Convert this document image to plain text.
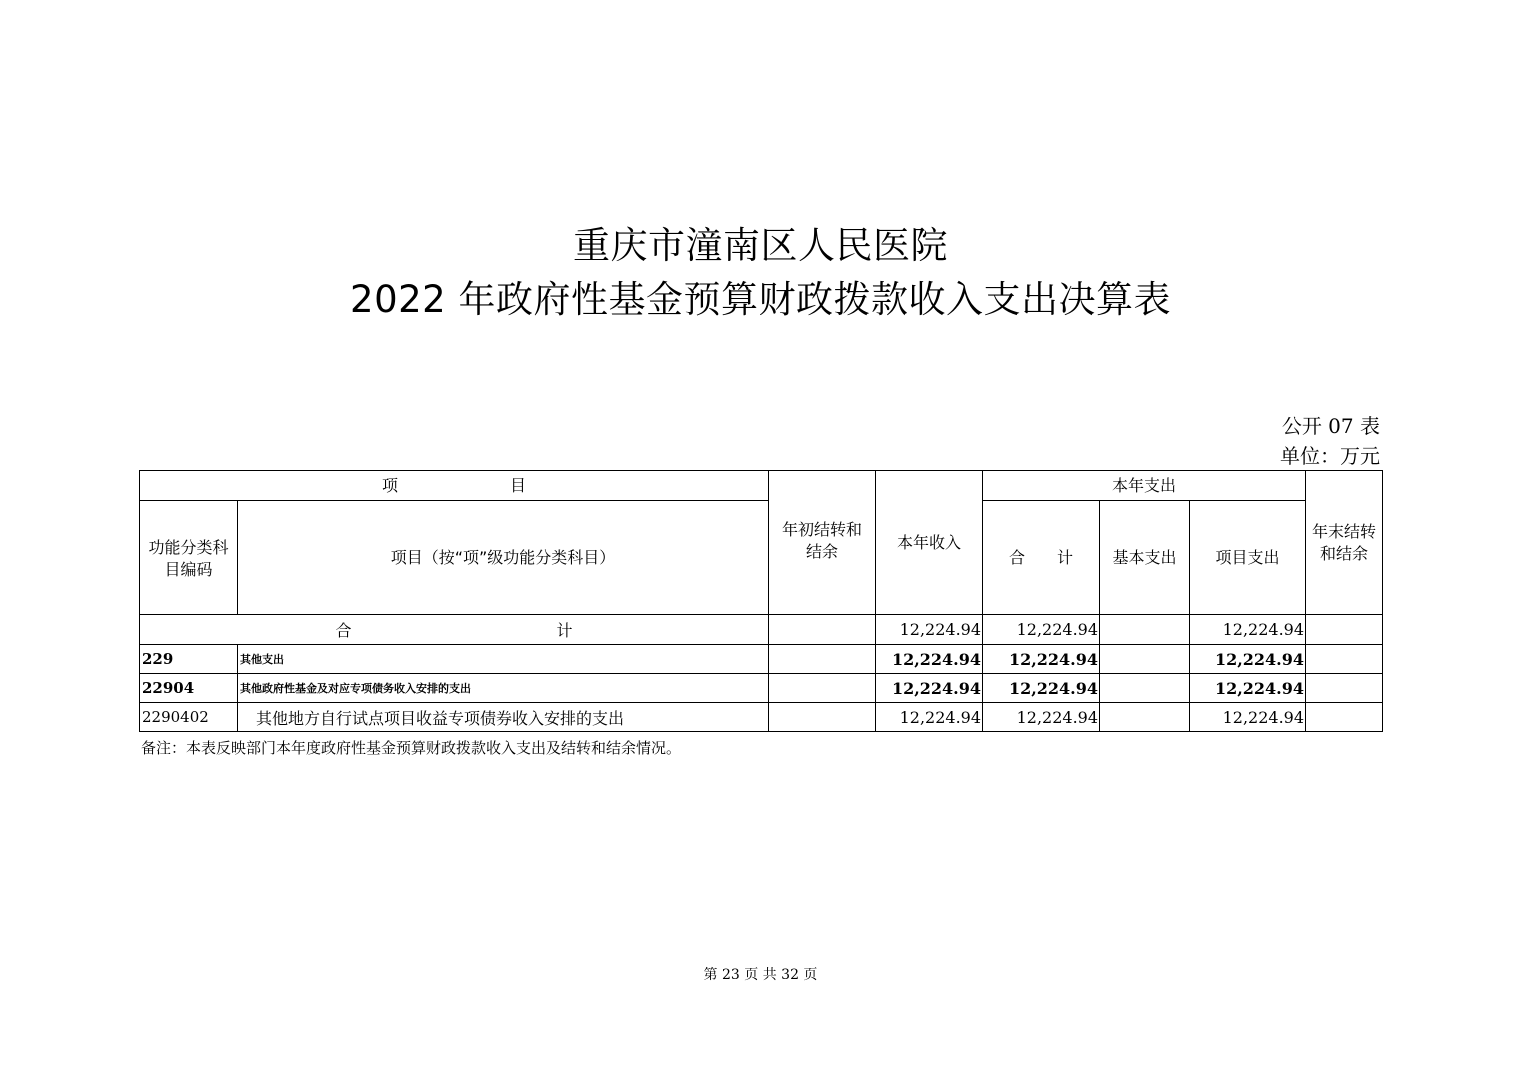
重庆市潼南区人民医院
2022 年政府性基金预算财政拨款收入支出决算表
公开 07 表
单位：万元
项　　　　　　　目		年初结转和结余	本年收入	本年支出			年末结转和结余
功能分类科目编码	项目（按“项”级功能分类科目）			合　　计	基本支出	项目支出	
合 计			12,224.94	12,224.94		12,224.94	
229	其他支出		12,224.94	12,224.94		12,224.94	
22904	其他政府性基金及对应专项债务收入安排的支出		12,224.94	12,224.94		12,224.94	
2290402	其他地方自行试点项目收益专项债券收入安排的支出		12,224.94	12,224.94		12,224.94	
备注：本表反映部门本年度政府性基金预算财政拨款收入支出及结转和结余情况。
第 23 页 共 32 页
